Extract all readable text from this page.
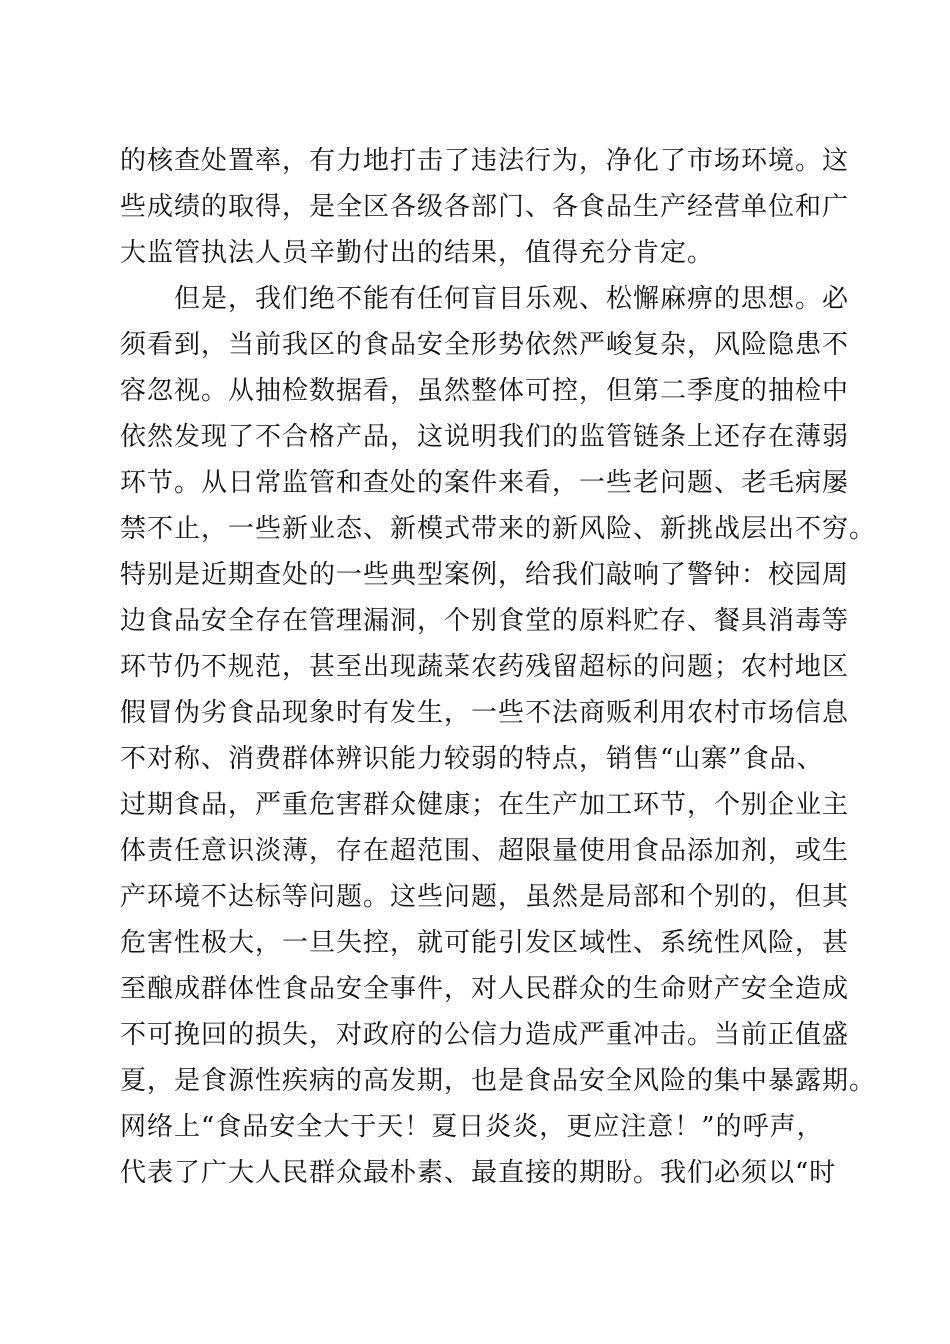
的核查处置率，有力地打击了违法行为，净化了市场环境。这
些成绩的取得，是全区各级各部门、各食品生产经营单位和广
大监管执法人员辛勤付出的结果，值得充分肯定。
但是，我们绝不能有任何盲目乐观、松懈麻痹的思想。必
须看到，当前我区的食品安全形势依然严峻复杂，风险隐患不
容忽视。从抽检数据看，虽然整体可控，但第二季度的抽检中
依然发现了不合格产品，这说明我们的监管链条上还存在薄弱
环节。从日常监管和查处的案件来看，一些老问题、老毛病屡
禁不止，一些新业态、新模式带来的新风险、新挑战层出不穷。
特别是近期查处的一些典型案例，给我们敲响了警钟：校园周
边食品安全存在管理漏洞，个别食堂的原料贮存、餐具消毒等
环节仍不规范，甚至出现蔬菜农药残留超标的问题；农村地区
假冒伪劣食品现象时有发生，一些不法商贩利用农村市场信息
不对称、消费群体辨识能力较弱的特点，销售“山寨”食品、
过期食品，严重危害群众健康；在生产加工环节，个别企业主
体责任意识淡薄，存在超范围、超限量使用食品添加剂，或生
产环境不达标等问题。这些问题，虽然是局部和个别的，但其
危害性极大，一旦失控，就可能引发区域性、系统性风险，甚
至酿成群体性食品安全事件，对人民群众的生命财产安全造成
不可挽回的损失，对政府的公信力造成严重冲击。当前正值盛
夏，是食源性疾病的高发期，也是食品安全风险的集中暴露期。
网络上“食品安全大于天！夏日炎炎，更应注意！”的呼声，
代表了广大人民群众最朴素、最直接的期盼。我们必须以“时
